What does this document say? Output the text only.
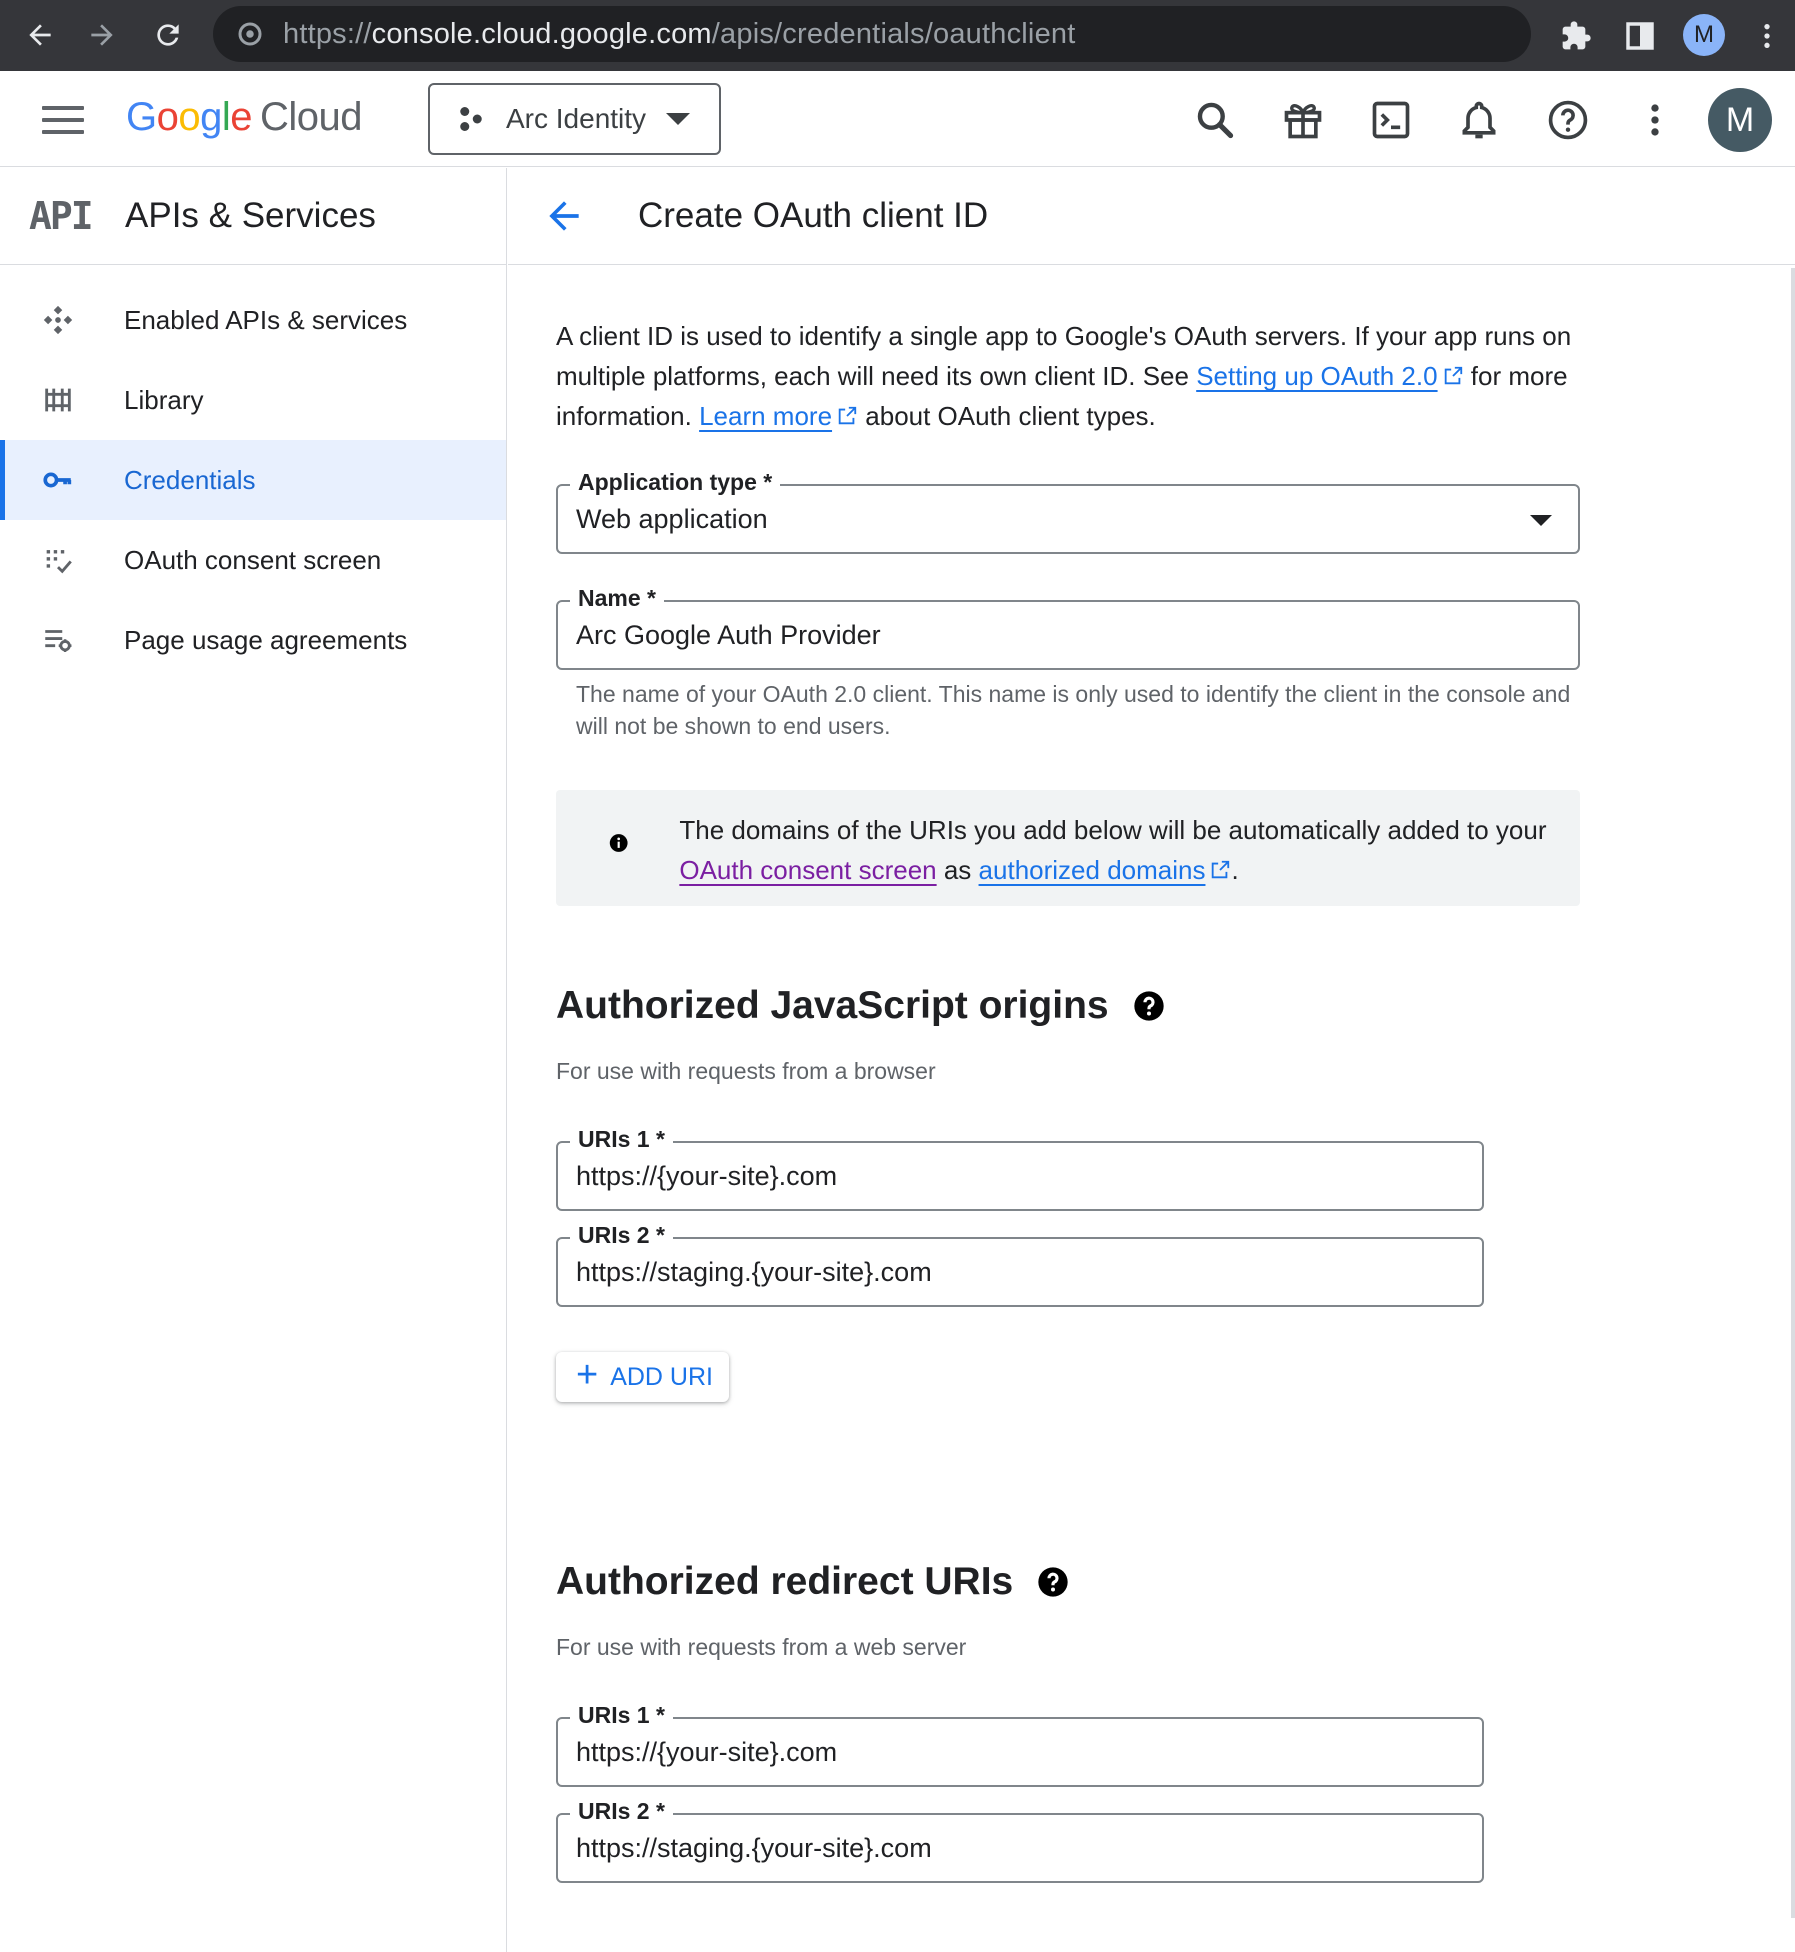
https://console.cloud.google.com/apis/credentials/oauthclient	M
Google Cloud	Arc Identity	M
API APIs & Services
Enabled APIs & services
Library
Credentials
OAuth consent screen
Page usage agreements
Create OAuth client ID

A client ID is used to identify a single app to Google's OAuth servers. If your app runs on multiple platforms, each will need its own client ID. See Setting up OAuth 2.0 for more information. Learn more about OAuth client types.

Application type *
Web application
Name *
Arc Google Auth Provider

The name of your OAuth 2.0 client. This name is only used to identify the client in the console and will not be shown to end users.

The domains of the URIs you add below will be automatically added to your OAuth consent screen as authorized domains .

Authorized JavaScript origins

For use with requests from a browser

URIs 1 *
https://{your-site}.com
URIs 2 *
https://staging.{your-site}.com
+ ADD URI
Authorized redirect URIs

For use with requests from a web server

URIs 1 *
https://{your-site}.com
URIs 2 *
https://staging.{your-site}.com
